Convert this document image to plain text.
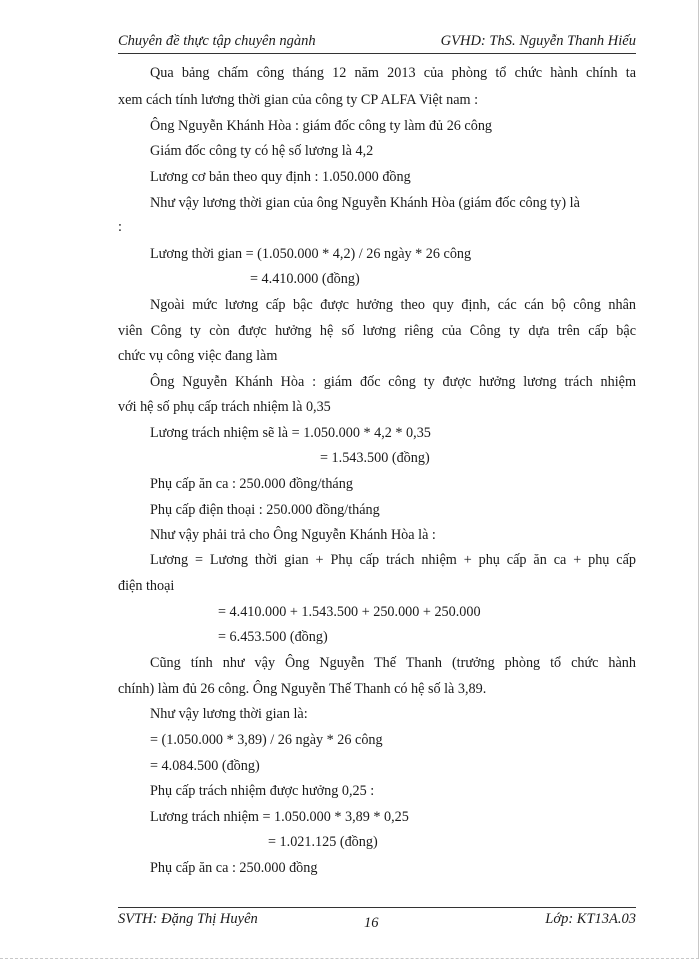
Chuyên đề thực tập chuyên ngành	GVHD: ThS. Nguyễn Thanh Hiếu
Qua bảng chấm công tháng 12 năm 2013 của phòng tổ chức hành chính ta
xem cách tính lương thời gian của công ty CP ALFA Việt nam :
Ông Nguyễn Khánh Hòa : giám đốc công ty làm đủ 26 công
Giám đốc công ty có hệ số lương là 4,2
Lương cơ bản theo quy định : 1.050.000 đồng
Như vậy lương thời gian của ông Nguyễn Khánh Hòa (giám đốc công ty) là
:
Lương thời gian = (1.050.000 * 4,2) / 26 ngày * 26 công
= 4.410.000 (đồng)
Ngoài mức lương cấp bậc được hưởng theo quy định, các cán bộ công nhân
viên Công ty còn được hưởng hệ số lương riêng của Công ty dựa trên cấp bậc
chức vụ công việc đang làm
Ông Nguyễn Khánh Hòa : giám đốc công ty được hưởng lương trách nhiệm
với hệ số phụ cấp trách nhiệm là 0,35
Lương trách nhiệm sẽ là = 1.050.000 * 4,2 * 0,35
= 1.543.500 (đồng)
Phụ cấp ăn ca : 250.000 đồng/tháng
Phụ cấp điện thoại : 250.000 đồng/tháng
Như vậy phải trả cho Ông Nguyễn Khánh Hòa là :
Lương = Lương thời gian + Phụ cấp trách nhiệm + phụ cấp ăn ca + phụ cấp
điện thoại
= 4.410.000 + 1.543.500 + 250.000 + 250.000
= 6.453.500 (đồng)
Cũng tính như vậy Ông Nguyễn Thế Thanh (trưởng phòng tổ chức hành
chính) làm đủ 26 công. Ông Nguyễn Thế Thanh có hệ số là 3,89.
Như vậy lương thời gian là:
= (1.050.000 * 3,89) / 26 ngày * 26 công
= 4.084.500 (đồng)
Phụ cấp trách nhiệm được hưởng 0,25 :
Lương trách nhiệm = 1.050.000 * 3,89 * 0,25
= 1.021.125 (đồng)
Phụ cấp ăn ca : 250.000 đồng
SVTH: Đặng Thị Huyên	16	Lớp: KT13A.03
